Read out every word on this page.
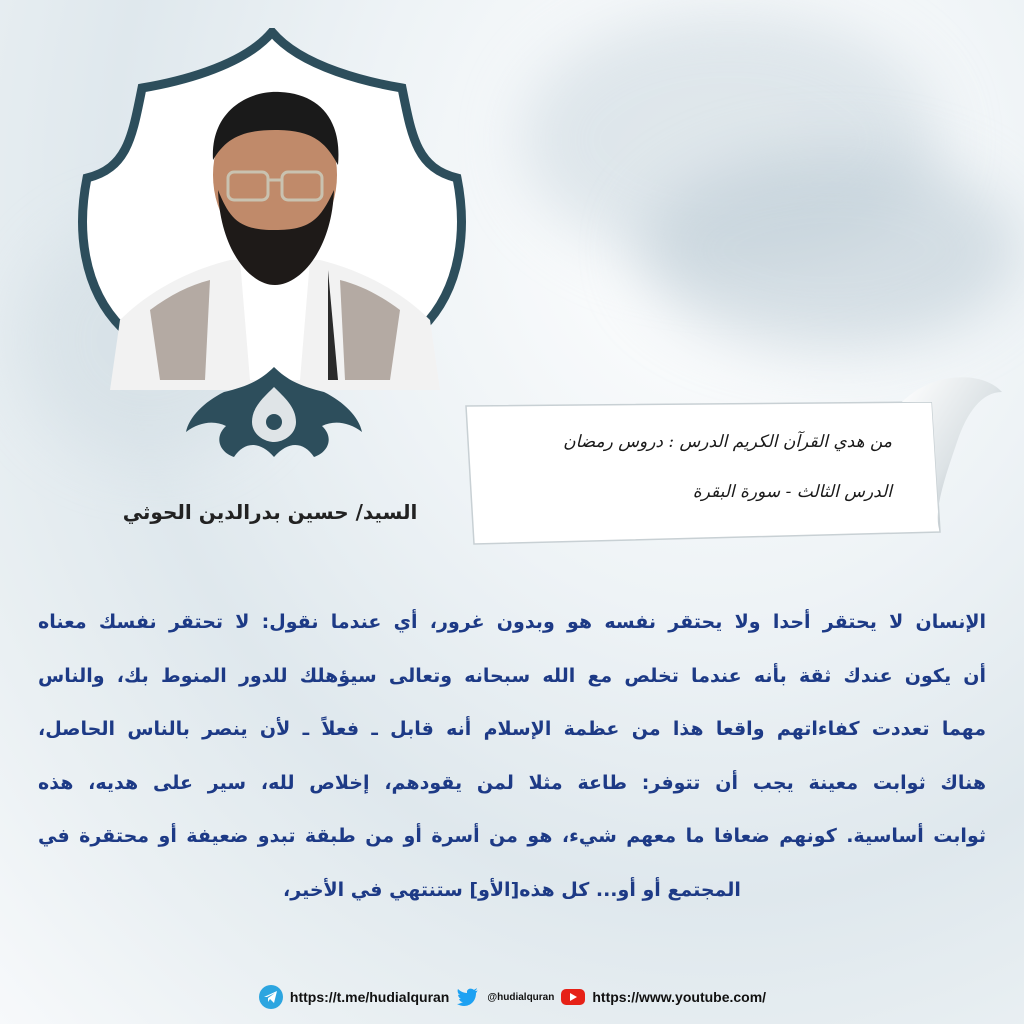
السيد/ حسين بدرالدين الحوثي
من هدي القرآن الكريم الدرس : دروس رمضان
الدرس الثالث - سورة البقرة
الإنسان لا يحتقر أحدا ولا يحتقر نفسه هو وبدون غرور، أي عندما نقول: لا تحتقر نفسك معناه
أن يكون عندك ثقة بأنه عندما تخلص مع الله سبحانه وتعالى سيؤهلك للدور المنوط بك، والناس
مهما تعددت كفاءاتهم واقعا هذا من عظمة الإسلام أنه قابل ـ فعلاً ـ لأن ينصر بالناس الحاصل،
هناك ثوابت معينة يجب أن تتوفر: طاعة مثلا لمن يقودهم، إخلاص لله، سير على هديه، هذه
ثوابت أساسية. كونهم ضعافا ما معهم شيء، هو من أسرة أو من طبقة تبدو ضعيفة أو محتقرة في
المجتمع أو أو... كل هذه[الأو] ستنتهي في الأخير،
https://t.me/hudialquran	@hudialquran	https://www.youtube.com/
